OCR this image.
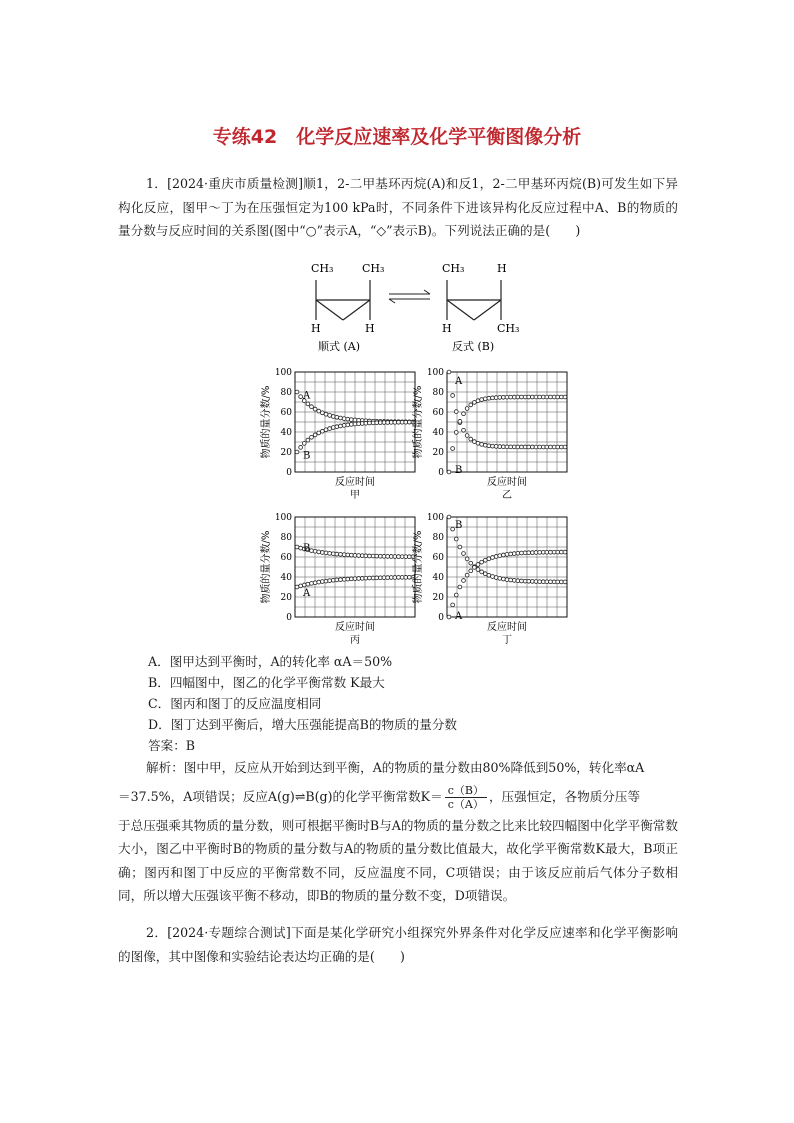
专练42　化学反应速率及化学平衡图像分析
1．[2024·重庆市质量检测]顺1，2-二甲基环丙烷(A)和反1，2-二甲基环丙烷(B)可发生如下异构化反应，图甲～丁为在压强恒定为100 kPa时，不同条件下进该异构化反应过程中A、B的物质的量分数与反应时间的关系图(图中“○”表示A，“◇”表示B)。下列说法正确的是(　　)
CH₃	CH₃
H	H
顺式 (A)
CH₃	H
H	CH₃
反式 (B)
0
20
40
60
80
100
物质的量分数/%
反应时间
甲
A
B
0
20
40
60
80
100
物质的量分数/%
反应时间
乙
A
B
0
20
40
60
80
100
物质的量分数/%
反应时间
丙
B
A
0
20
40
60
80
100
物质的量分数/%
反应时间
丁
B
A
A．图甲达到平衡时，A的转化率 αA＝50%
B．四幅图中，图乙的化学平衡常数 K最大
C．图丙和图丁的反应温度相同
D．图丁达到平衡后，增大压强能提高B的物质的量分数
答案：B
解析：图中甲，反应从开始到达到平衡，A的物质的量分数由80%降低到50%，转化率αA
＝37.5%，A项错误；反应A(g)⇌B(g)的化学平衡常数$K= \frac{c(B)}{c(A)}$ ，压强恒定，各物质分压等
于总压强乘其物质的量分数，则可根据平衡时B与A的物质的量分数之比来比较四幅图中化学平衡常数大小，图乙中平衡时B的物质的量分数与A的物质的量分数比值最大，故化学平衡常数K最大，B项正确；图丙和图丁中反应的平衡常数不同，反应温度不同，C项错误；由于该反应前后气体分子数相同，所以增大压强该平衡不移动，即B的物质的量分数不变，D项错误。
2．[2024·专题综合测试]下面是某化学研究小组探究外界条件对化学反应速率和化学平衡影响的图像，其中图像和实验结论表达均正确的是(　　)
